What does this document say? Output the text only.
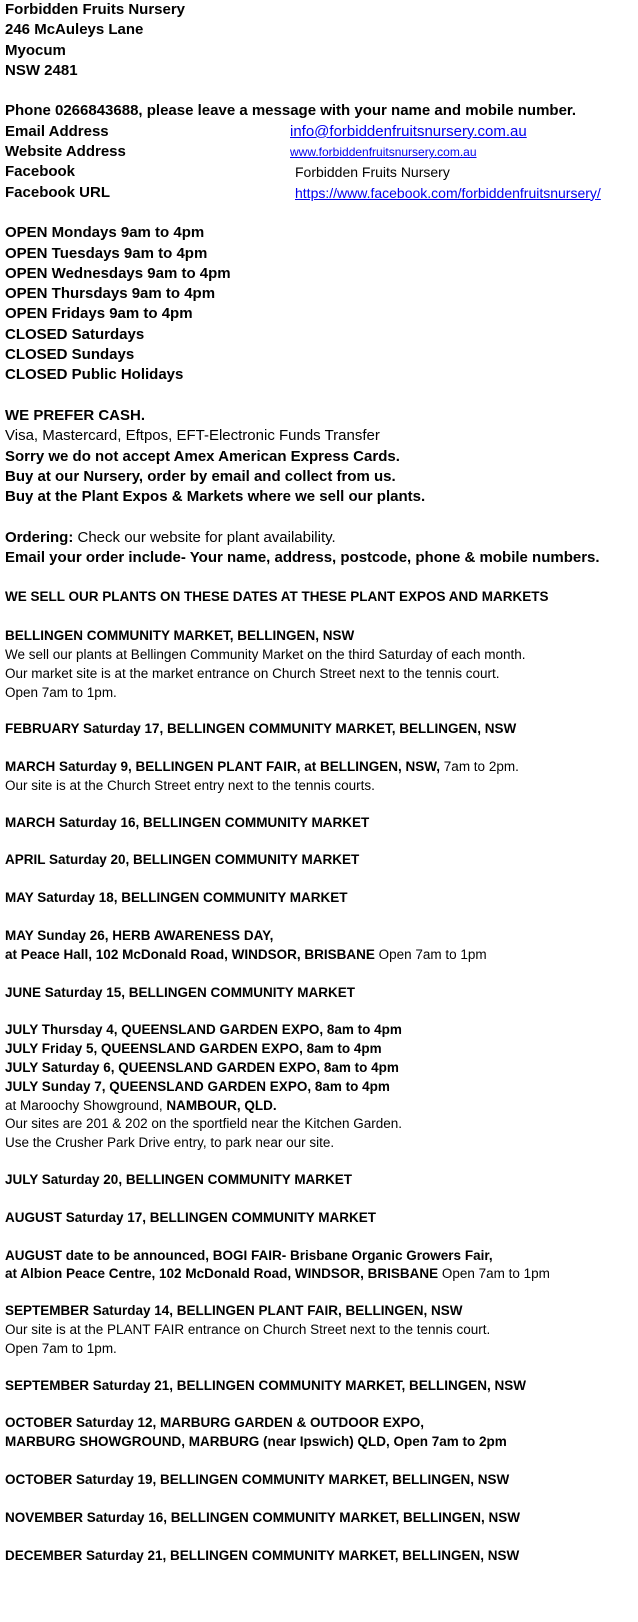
Forbidden Fruits Nursery
246 McAuleys Lane
Myocum
NSW 2481
Phone 0266843688, please leave a message with your name and mobile number.
Email Address	info@forbiddenfruitsnursery.com.au
Website Address	www.forbiddenfruitsnursery.com.au
Facebook	Forbidden Fruits Nursery
Facebook URL	https://www.facebook.com/forbiddenfruitsnursery/
OPEN Mondays 9am to 4pm
OPEN Tuesdays 9am to 4pm
OPEN Wednesdays 9am to 4pm
OPEN Thursdays 9am to 4pm
OPEN Fridays 9am to 4pm
CLOSED Saturdays
CLOSED Sundays
CLOSED Public Holidays
WE PREFER CASH.
Visa, Mastercard, Eftpos, EFT-Electronic Funds Transfer
Sorry we do not accept Amex American Express Cards.
Buy at our Nursery, order by email and collect from us.
Buy at the Plant Expos & Markets where we sell our plants.
Ordering: Check our website for plant availability.
Email your order include- Your name, address, postcode, phone & mobile numbers.
WE SELL OUR PLANTS ON THESE DATES AT THESE PLANT EXPOS AND MARKETS
BELLINGEN COMMUNITY MARKET, BELLINGEN, NSW
We sell our plants at Bellingen Community Market on the third Saturday of each month.
Our market site is at the market entrance on Church Street next to the tennis court.
Open 7am to 1pm.
FEBRUARY Saturday 17, BELLINGEN COMMUNITY MARKET, BELLINGEN, NSW
MARCH Saturday 9, BELLINGEN PLANT FAIR, at BELLINGEN, NSW, 7am to 2pm.
Our site is at the Church Street entry next to the tennis courts.
MARCH Saturday 16, BELLINGEN COMMUNITY MARKET
APRIL Saturday 20, BELLINGEN COMMUNITY MARKET
MAY Saturday 18, BELLINGEN COMMUNITY MARKET
MAY Sunday 26, HERB AWARENESS DAY,
at Peace Hall, 102 McDonald Road, WINDSOR, BRISBANE Open 7am to 1pm
JUNE Saturday 15, BELLINGEN COMMUNITY MARKET
JULY Thursday 4, QUEENSLAND GARDEN EXPO, 8am to 4pm
JULY Friday 5, QUEENSLAND GARDEN EXPO, 8am to 4pm
JULY Saturday 6, QUEENSLAND GARDEN EXPO, 8am to 4pm
JULY Sunday 7, QUEENSLAND GARDEN EXPO, 8am to 4pm
at Maroochy Showground, NAMBOUR, QLD.
Our sites are 201 & 202 on the sportfield near the Kitchen Garden.
Use the Crusher Park Drive entry, to park near our site.
JULY Saturday 20, BELLINGEN COMMUNITY MARKET
AUGUST Saturday 17, BELLINGEN COMMUNITY MARKET
AUGUST date to be announced, BOGI FAIR- Brisbane Organic Growers Fair,
at Albion Peace Centre, 102 McDonald Road, WINDSOR, BRISBANE Open 7am to 1pm
SEPTEMBER Saturday 14, BELLINGEN PLANT FAIR, BELLINGEN, NSW
Our site is at the PLANT FAIR entrance on Church Street next to the tennis court.
Open 7am to 1pm.
SEPTEMBER Saturday 21, BELLINGEN COMMUNITY MARKET, BELLINGEN, NSW
OCTOBER Saturday 12, MARBURG GARDEN & OUTDOOR EXPO,
MARBURG SHOWGROUND, MARBURG (near Ipswich) QLD, Open 7am to 2pm
OCTOBER Saturday 19, BELLINGEN COMMUNITY MARKET, BELLINGEN, NSW
NOVEMBER Saturday 16, BELLINGEN COMMUNITY MARKET, BELLINGEN, NSW
DECEMBER Saturday 21, BELLINGEN COMMUNITY MARKET, BELLINGEN, NSW
